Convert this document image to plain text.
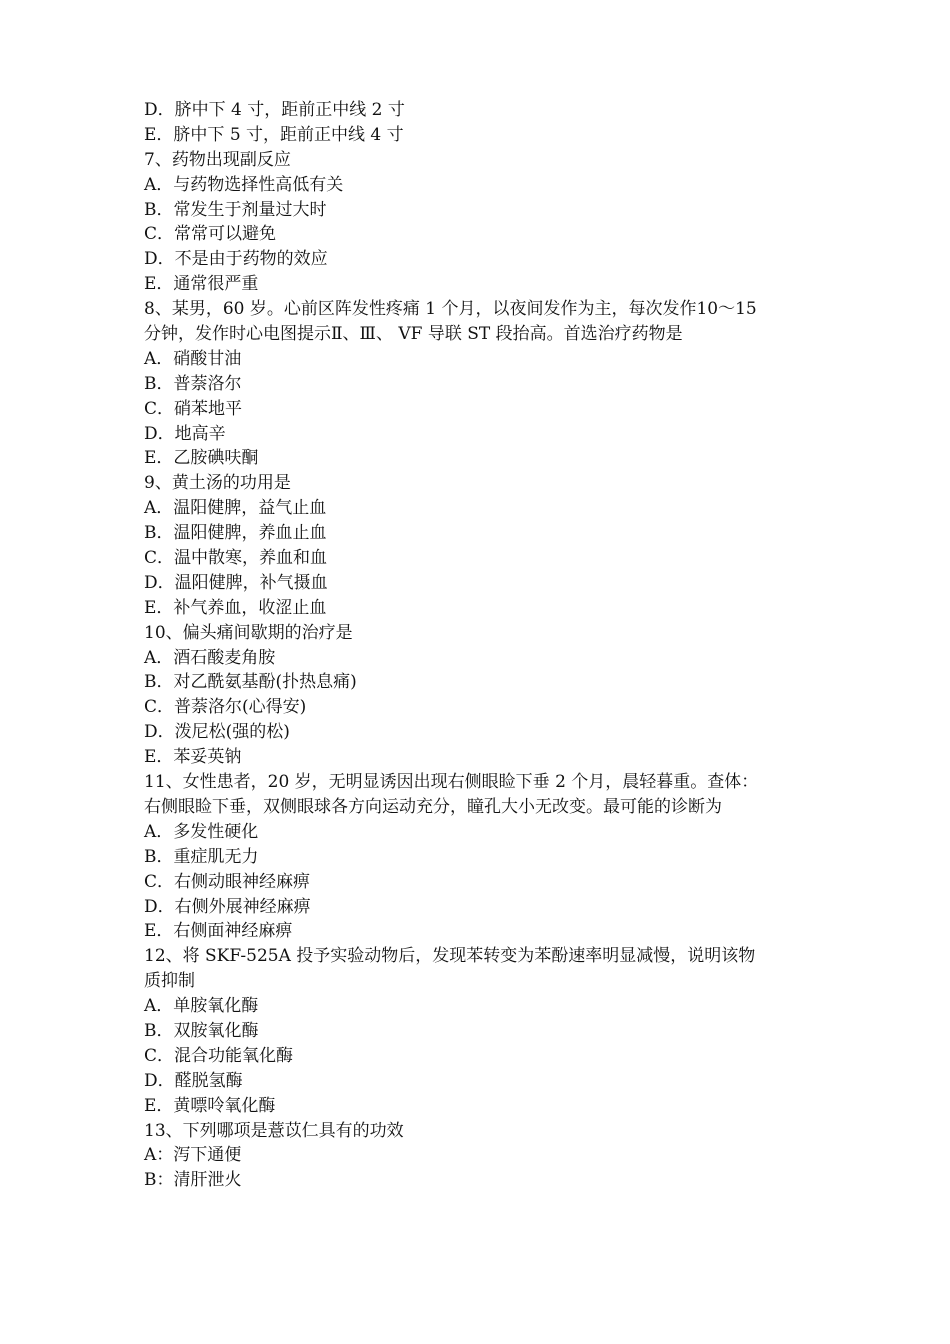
D．脐中下 4 寸，距前正中线 2 寸
E．脐中下 5 寸，距前正中线 4 寸
7、药物出现副反应
A．与药物选择性高低有关
B．常发生于剂量过大时
C．常常可以避免
D．不是由于药物的效应
E．通常很严重
8、某男，60 岁。心前区阵发性疼痛 1 个月，以夜间发作为主，每次发作10～15
分钟，发作时心电图提示Ⅱ、Ⅲ、 VF 导联 ST 段抬高。首选治疗药物是
A．硝酸甘油
B．普萘洛尔
C．硝苯地平
D．地高辛
E．乙胺碘呋酮
9、黄土汤的功用是
A．温阳健脾，益气止血
B．温阳健脾，养血止血
C．温中散寒，养血和血
D．温阳健脾，补气摄血
E．补气养血，收涩止血
10、偏头痛间歇期的治疗是
A．酒石酸麦角胺
B．对乙酰氨基酚(扑热息痛)
C．普萘洛尔(心得安)
D．泼尼松(强的松)
E．苯妥英钠
11、女性患者，20 岁，无明显诱因出现右侧眼睑下垂 2 个月，晨轻暮重。查体：
右侧眼睑下垂，双侧眼球各方向运动充分，瞳孔大小无改变。最可能的诊断为
A．多发性硬化
B．重症肌无力
C．右侧动眼神经麻痹
D．右侧外展神经麻痹
E．右侧面神经麻痹
12、将 SKF-525A 投予实验动物后，发现苯转变为苯酚速率明显减慢，说明该物
质抑制
A．单胺氧化酶
B．双胺氧化酶
C．混合功能氧化酶
D．醛脱氢酶
E．黄嘌呤氧化酶
13、下列哪项是薏苡仁具有的功效
A：泻下通便
B：清肝泄火
